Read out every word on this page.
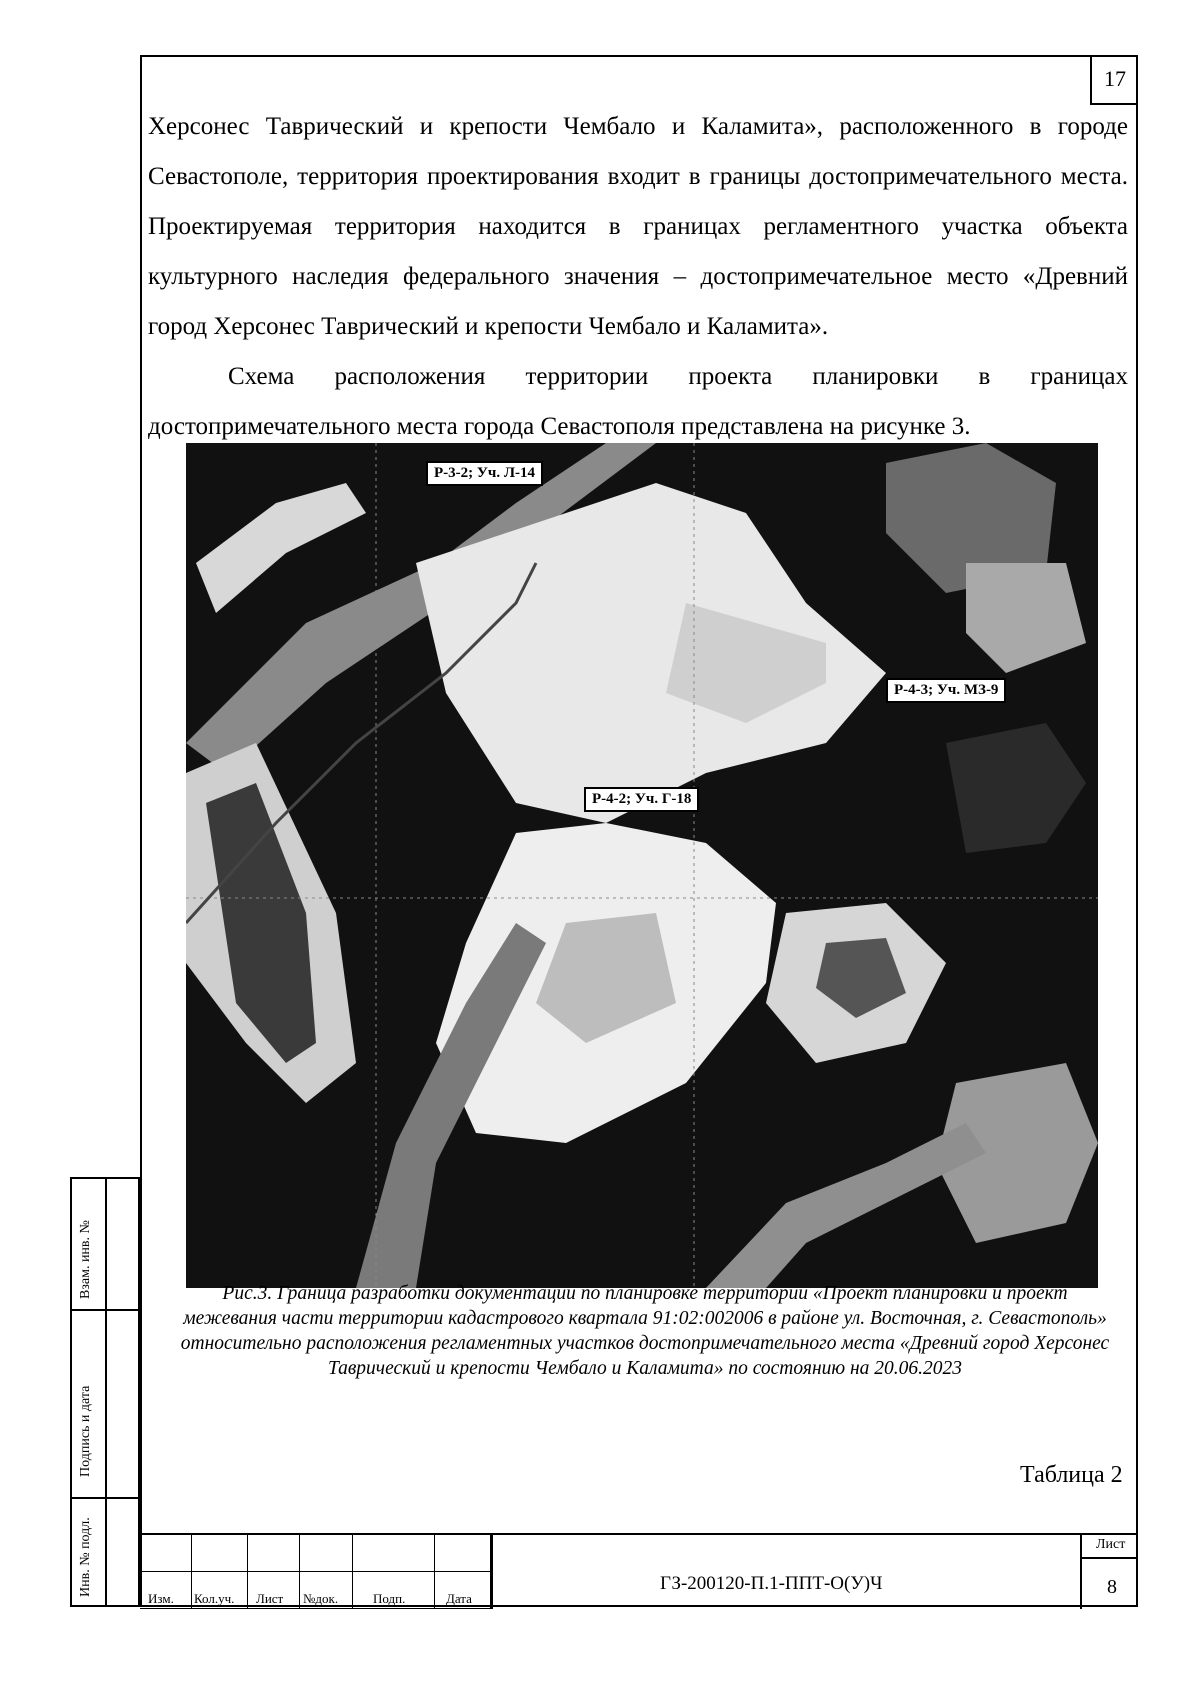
17
Херсонес Таврический и крепости Чембало и Каламита», расположенного в городе Севастополе, территория проектирования входит в границы достопримечательного места. Проектируемая территория находится в границах регламентного участка объекта культурного наследия федерального значения – достопримечательное место «Древний город Херсонес Таврический и крепости Чембало и Каламита».
Схема расположения территории проекта планировки в границах достопримечательного места города Севастополя представлена на рисунке 3.
Р-3-2; Уч. Л-14
Р-4-3; Уч. МЗ-9
Р-4-2; Уч. Г-18
Рис.3. Граница разработки документации по планировке территории «Проект планировки и проект межевания части территории кадастрового квартала 91:02:002006 в районе ул. Восточная, г. Севастополь» относительно расположения регламентных участков достопримечательного места «Древний город Херсонес Таврический и крепости Чембало и Каламита» по состоянию на 20.06.2023
Таблица 2
Взам. инв. №
Подпись и дата
Инв. № подл.
Изм. Кол.уч. Лист №док.	Подп.	Дата
ГЗ-200120-П.1-ППТ-О(У)Ч
Лист
8
